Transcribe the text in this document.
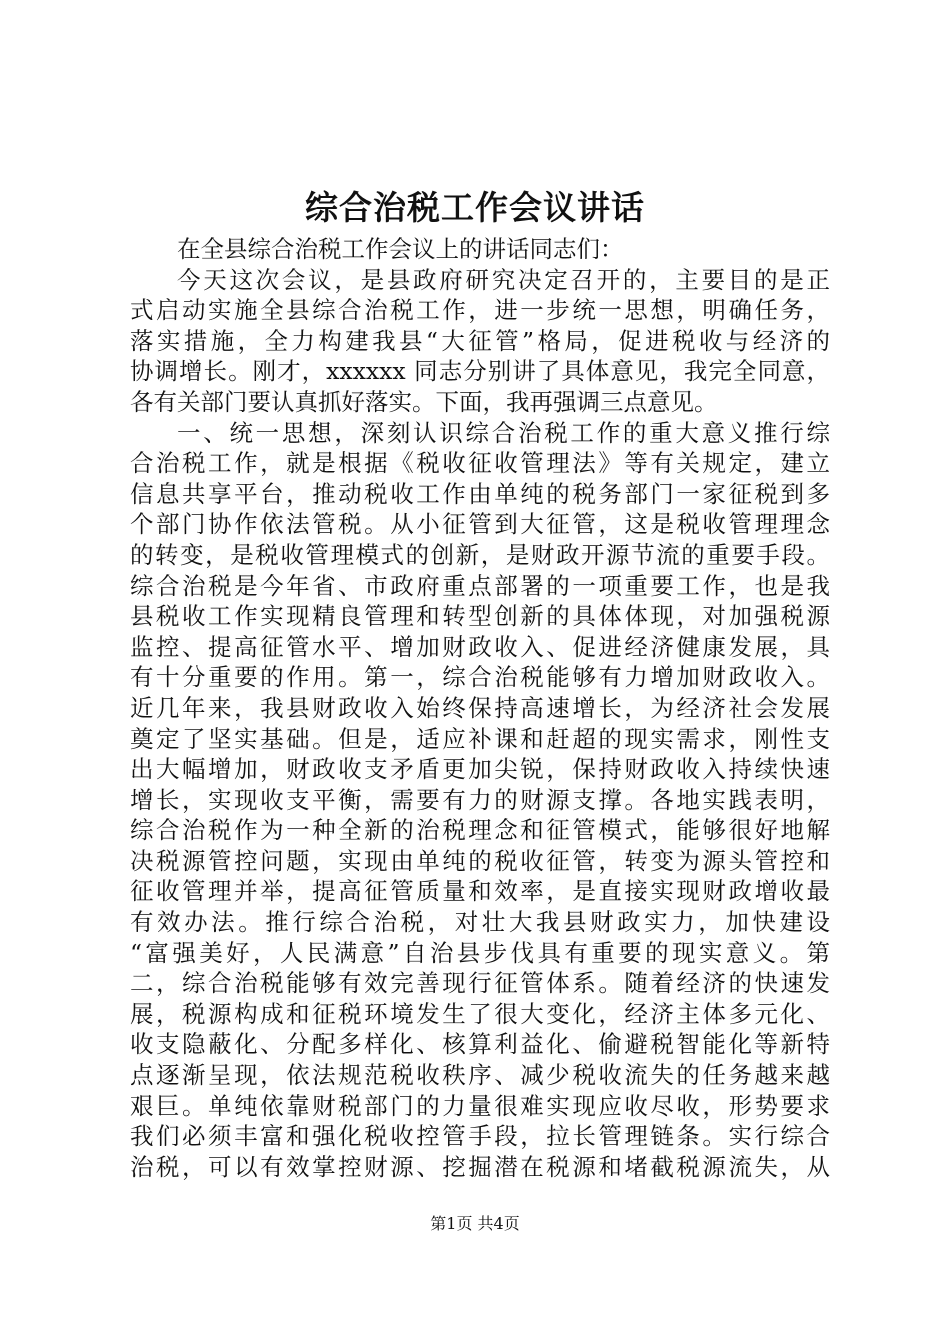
综合治税工作会议讲话
在全县综合治税工作会议上的讲话同志们：
今天这次会议，是县政府研究决定召开的，主要目的是正
式启动实施全县综合治税工作，进一步统一思想，明确任务，
落实措施，全力构建我县“大征管”格局，促进税收与经济的
协调增长。刚才，xxxxxx 同志分别讲了具体意见，我完全同意，
各有关部门要认真抓好落实。下面，我再强调三点意见。
一、统一思想，深刻认识综合治税工作的重大意义推行综
合治税工作，就是根据《税收征收管理法》等有关规定，建立
信息共享平台，推动税收工作由单纯的税务部门一家征税到多
个部门协作依法管税。从小征管到大征管，这是税收管理理念
的转变，是税收管理模式的创新，是财政开源节流的重要手段。
综合治税是今年省、市政府重点部署的一项重要工作，也是我
县税收工作实现精良管理和转型创新的具体体现，对加强税源
监控、提高征管水平、增加财政收入、促进经济健康发展，具
有十分重要的作用。第一，综合治税能够有力增加财政收入。
近几年来，我县财政收入始终保持高速增长，为经济社会发展
奠定了坚实基础。但是，适应补课和赶超的现实需求，刚性支
出大幅增加，财政收支矛盾更加尖锐，保持财政收入持续快速
增长，实现收支平衡，需要有力的财源支撑。各地实践表明，
综合治税作为一种全新的治税理念和征管模式，能够很好地解
决税源管控问题，实现由单纯的税收征管，转变为源头管控和
征收管理并举，提高征管质量和效率，是直接实现财政增收最
有效办法。推行综合治税，对壮大我县财政实力，加快建设
“富强美好，人民满意”自治县步伐具有重要的现实意义。第
二，综合治税能够有效完善现行征管体系。随着经济的快速发
展，税源构成和征税环境发生了很大变化，经济主体多元化、
收支隐蔽化、分配多样化、核算利益化、偷避税智能化等新特
点逐渐呈现，依法规范税收秩序、减少税收流失的任务越来越
艰巨。单纯依靠财税部门的力量很难实现应收尽收，形势要求
我们必须丰富和强化税收控管手段，拉长管理链条。实行综合
治税，可以有效掌控财源、挖掘潜在税源和堵截税源流失，从
第1页 共4页
